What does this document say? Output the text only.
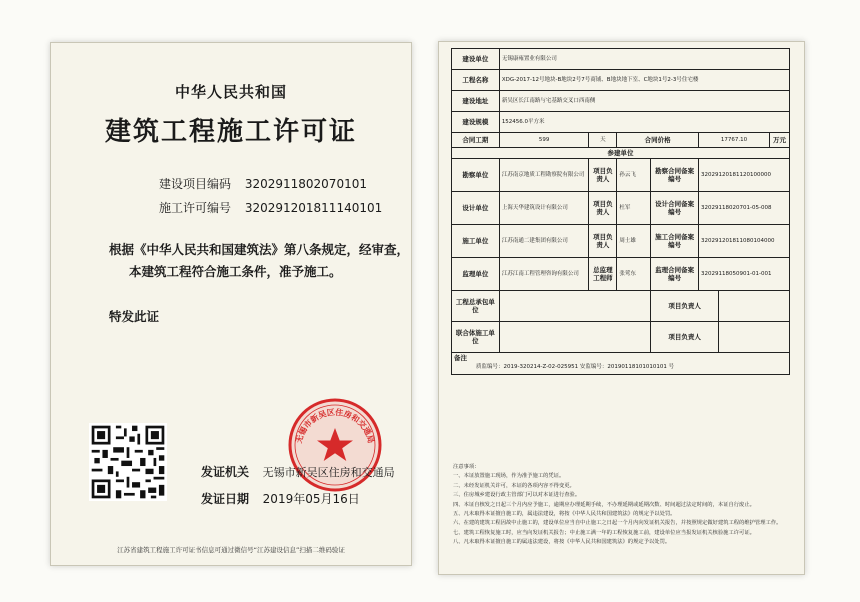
中华人民共和国
建筑工程施工许可证
建设项目编码 3202911802070101
施工许可编号 320291201811140101
根据《中华人民共和国建筑法》第八条规定，经审查，本建筑工程符合施工条件，准予施工。
特发此证
无锡市新吴区住房和交通局
发证机关 无锡市新吴区住房和交通局
发证日期 2019年05月16日
江苏省建筑工程施工许可证书信息可通过微信号“江苏建设信息”扫描二维码验证
建设单位	无锡康雍置业有限公司						
工程名称	XDG-2017-12号地块-B地块2号7号商铺、B地块地下室、C地块1号2-3号住宅楼						
建设地址	新吴区长江南路与宅基路交叉口西南侧						
建设规模	152456.0平方米						
合同工期	599	天	合同价格		17767.10		万元
参建单位							
勘察单位	江苏南京地质工程勘察院有限公司	项目负责人	孙云飞	勘察合同备案编号	32029120181120100000		
设计单位	上海天华建筑设计有限公司	项目负责人	杜军	设计合同备案编号	32029118020701-05-008		
施工单位	江苏南通二建集团有限公司	项目负责人	周士雄	施工合同备案编号	320291201811080104000		
监理单位	江苏江南工程管理咨询有限公司	总监理工程师	张莺东	监理合同备案编号	32029118050901-01-001		
工程总承包单位				项目负责人			
联合体施工单位				项目负责人			
备注
质监编号：2019-320214-Z-02-025951 安监编号：20190118101010101 号							
注意事项：
一、本证放置施工现场，作为准予施工的凭证。
二、未经发证机关许可，本证的各项内容不得变更。
三、住房城乡建设行政主管部门可以对本证进行查验。
四、本证自核发之日起三个月内应予施工，逾期应办理延期手续，不办理延期或延期次数、时间超过法定时间的，本证自行废止。
五、凡未取得本证擅自施工的，属违法建设，将按《中华人民共和国建筑法》的规定予以处罚。
六、在建的建筑工程因故中止施工的，建设单位应当自中止施工之日起一个月内向发证机关报告，并按照规定做好建筑工程的维护管理工作。
七、建筑工程恢复施工时，应当向发证机关报告；中止施工满一年的工程恢复施工前，建设单位应当报发证机关核验施工许可证。
八、凡未取得本证擅自施工的属违法建设，将按《中华人民共和国建筑法》的规定予以处罚。
